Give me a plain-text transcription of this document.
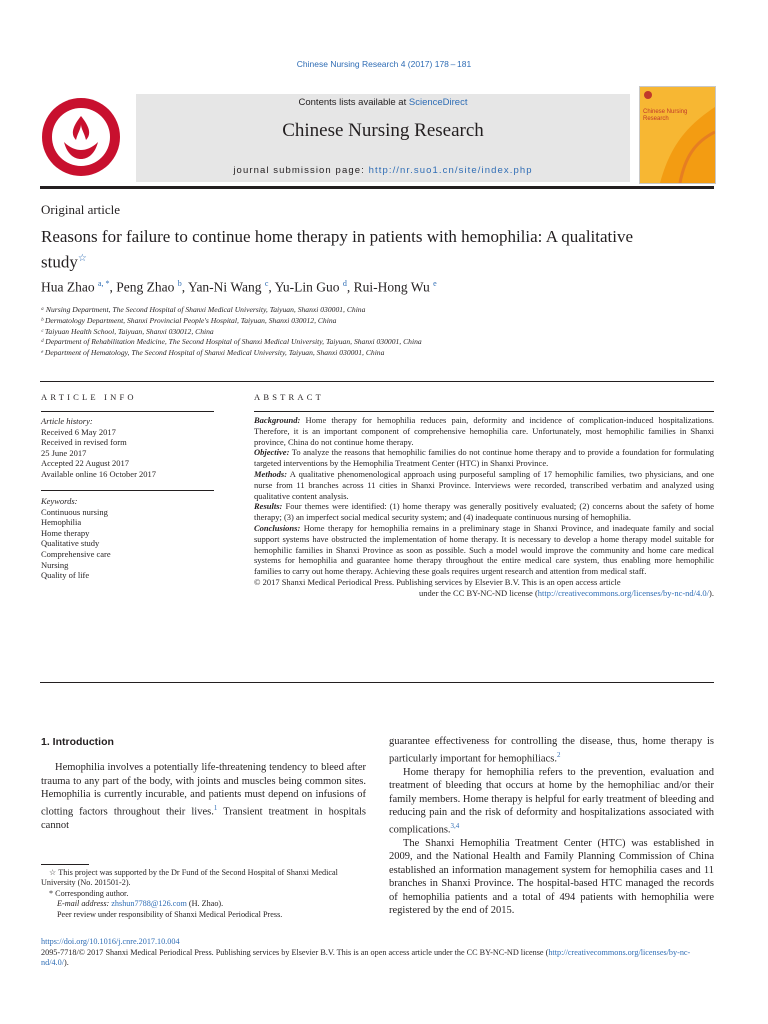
Chinese Nursing Research 4 (2017) 178 – 181
Contents lists available at ScienceDirect
Chinese Nursing Research
journal submission page: http://nr.suo1.cn/site/index.php
Chinese Nursing Research
Original article
Reasons for failure to continue home therapy in patients with hemophilia: A qualitative study☆
Hua Zhao $^{a, *}$, Peng Zhao $^b$, Yan-Ni Wang $^c$, Yu-Lin Guo $^d$, Rui-Hong Wu $^e$
ᵃ Nursing Department, The Second Hospital of Shanxi Medical University, Taiyuan, Shanxi 030001, China
ᵇ Dermatology Department, Shanxi Provincial People's Hospital, Taiyuan, Shanxi 030012, China
ᶜ Taiyuan Health School, Taiyuan, Shanxi 030012, China
ᵈ Department of Rehabilitation Medicine, The Second Hospital of Shanxi Medical University, Taiyuan, Shanxi 030001, China
ᵉ Department of Hematology, The Second Hospital of Shanxi Medical University, Taiyuan, Shanxi 030001, China
ARTICLE INFO
Article history:
Received 6 May 2017
Received in revised form
25 June 2017
Accepted 22 August 2017
Available online 16 October 2017
Keywords:
Continuous nursing
Hemophilia
Home therapy
Qualitative study
Comprehensive care
Nursing
Quality of life
ABSTRACT

Background: Home therapy for hemophilia reduces pain, deformity and incidence of complication-induced hospitalizations. Therefore, it is an important component of comprehensive hemophilia care. Unfortunately, most hemophilic families in Shanxi province, China do not continue home therapy.

Objective: To analyze the reasons that hemophilic families do not continue home therapy and to provide a foundation for formulating targeted interventions by the Hemophilia Treatment Center (HTC) in Shanxi Province.

Methods: A qualitative phenomenological approach using purposeful sampling of 17 hemophilic families, two physicians, and one nurse from 11 branches across 11 cities in Shanxi Province. Interviews were recorded, transcribed verbatim and analyzed using qualitative content analysis.

Results: Four themes were identified: (1) home therapy was generally positively evaluated; (2) concerns about the safety of home therapy; (3) an imperfect social medical security system; and (4) inadequate continuous nursing of hemophilia.

Conclusions: Home therapy for hemophilia remains in a preliminary stage in Shanxi Province, and inadequate family and social support systems have obstructed the implementation of home therapy. It is necessary to develop a home therapy model suitable for hemophilic families in Shanxi Province as soon as possible. Such a model would improve the community and home care medical systems for hemophilia and guarantee home therapy throughout the entire medical care system, thus enabling more hemophilic families to carry out home therapy. Achieving these goals requires urgent research and attention from medical staff.

© 2017 Shanxi Medical Periodical Press. Publishing services by Elsevier B.V. This is an open access article

under the CC BY-NC-ND license (http://creativecommons.org/licenses/by-nc-nd/4.0/).

1. Introduction

Hemophilia involves a potentially life-threatening tendency to bleed after trauma to any part of the body, with joints and muscles being common sites. Hemophilia is currently incurable, and patients must depend on infusions of clotting factors throughout their lives.$^1$ Transient treatment in hospitals cannot

guarantee effectiveness for controlling the disease, thus, home therapy is particularly important for hemophiliacs.$^2$

Home therapy for hemophilia refers to the prevention, evaluation and treatment of bleeding that occurs at home by the hemophiliac and/or their family members. Home therapy is helpful for early treatment of bleeding and reducing pain and the risk of deformity and hospitalizations associated with complications.$^{3,4}$

The Shanxi Hemophilia Treatment Center (HTC) was established in 2009, and the National Health and Family Planning Commission of China established an information management system for hemophilia cases and 11 branches in Shanxi Province. The hospital-based HTC managed the records of hemophilia patients and a total of 494 patients with hemophilia were registered by the end of 2015.

☆ This project was supported by the Dr Fund of the Second Hospital of Shanxi Medical University (No. 201501-2).

* Corresponding author.

E-mail address: zhshun7788@126.com (H. Zhao).

Peer review under responsibility of Shanxi Medical Periodical Press.

https://doi.org/10.1016/j.cnre.2017.10.004

2095-7718/© 2017 Shanxi Medical Periodical Press. Publishing services by Elsevier B.V. This is an open access article under the CC BY-NC-ND license (http://creativecommons.org/licenses/by-nc-nd/4.0/).
